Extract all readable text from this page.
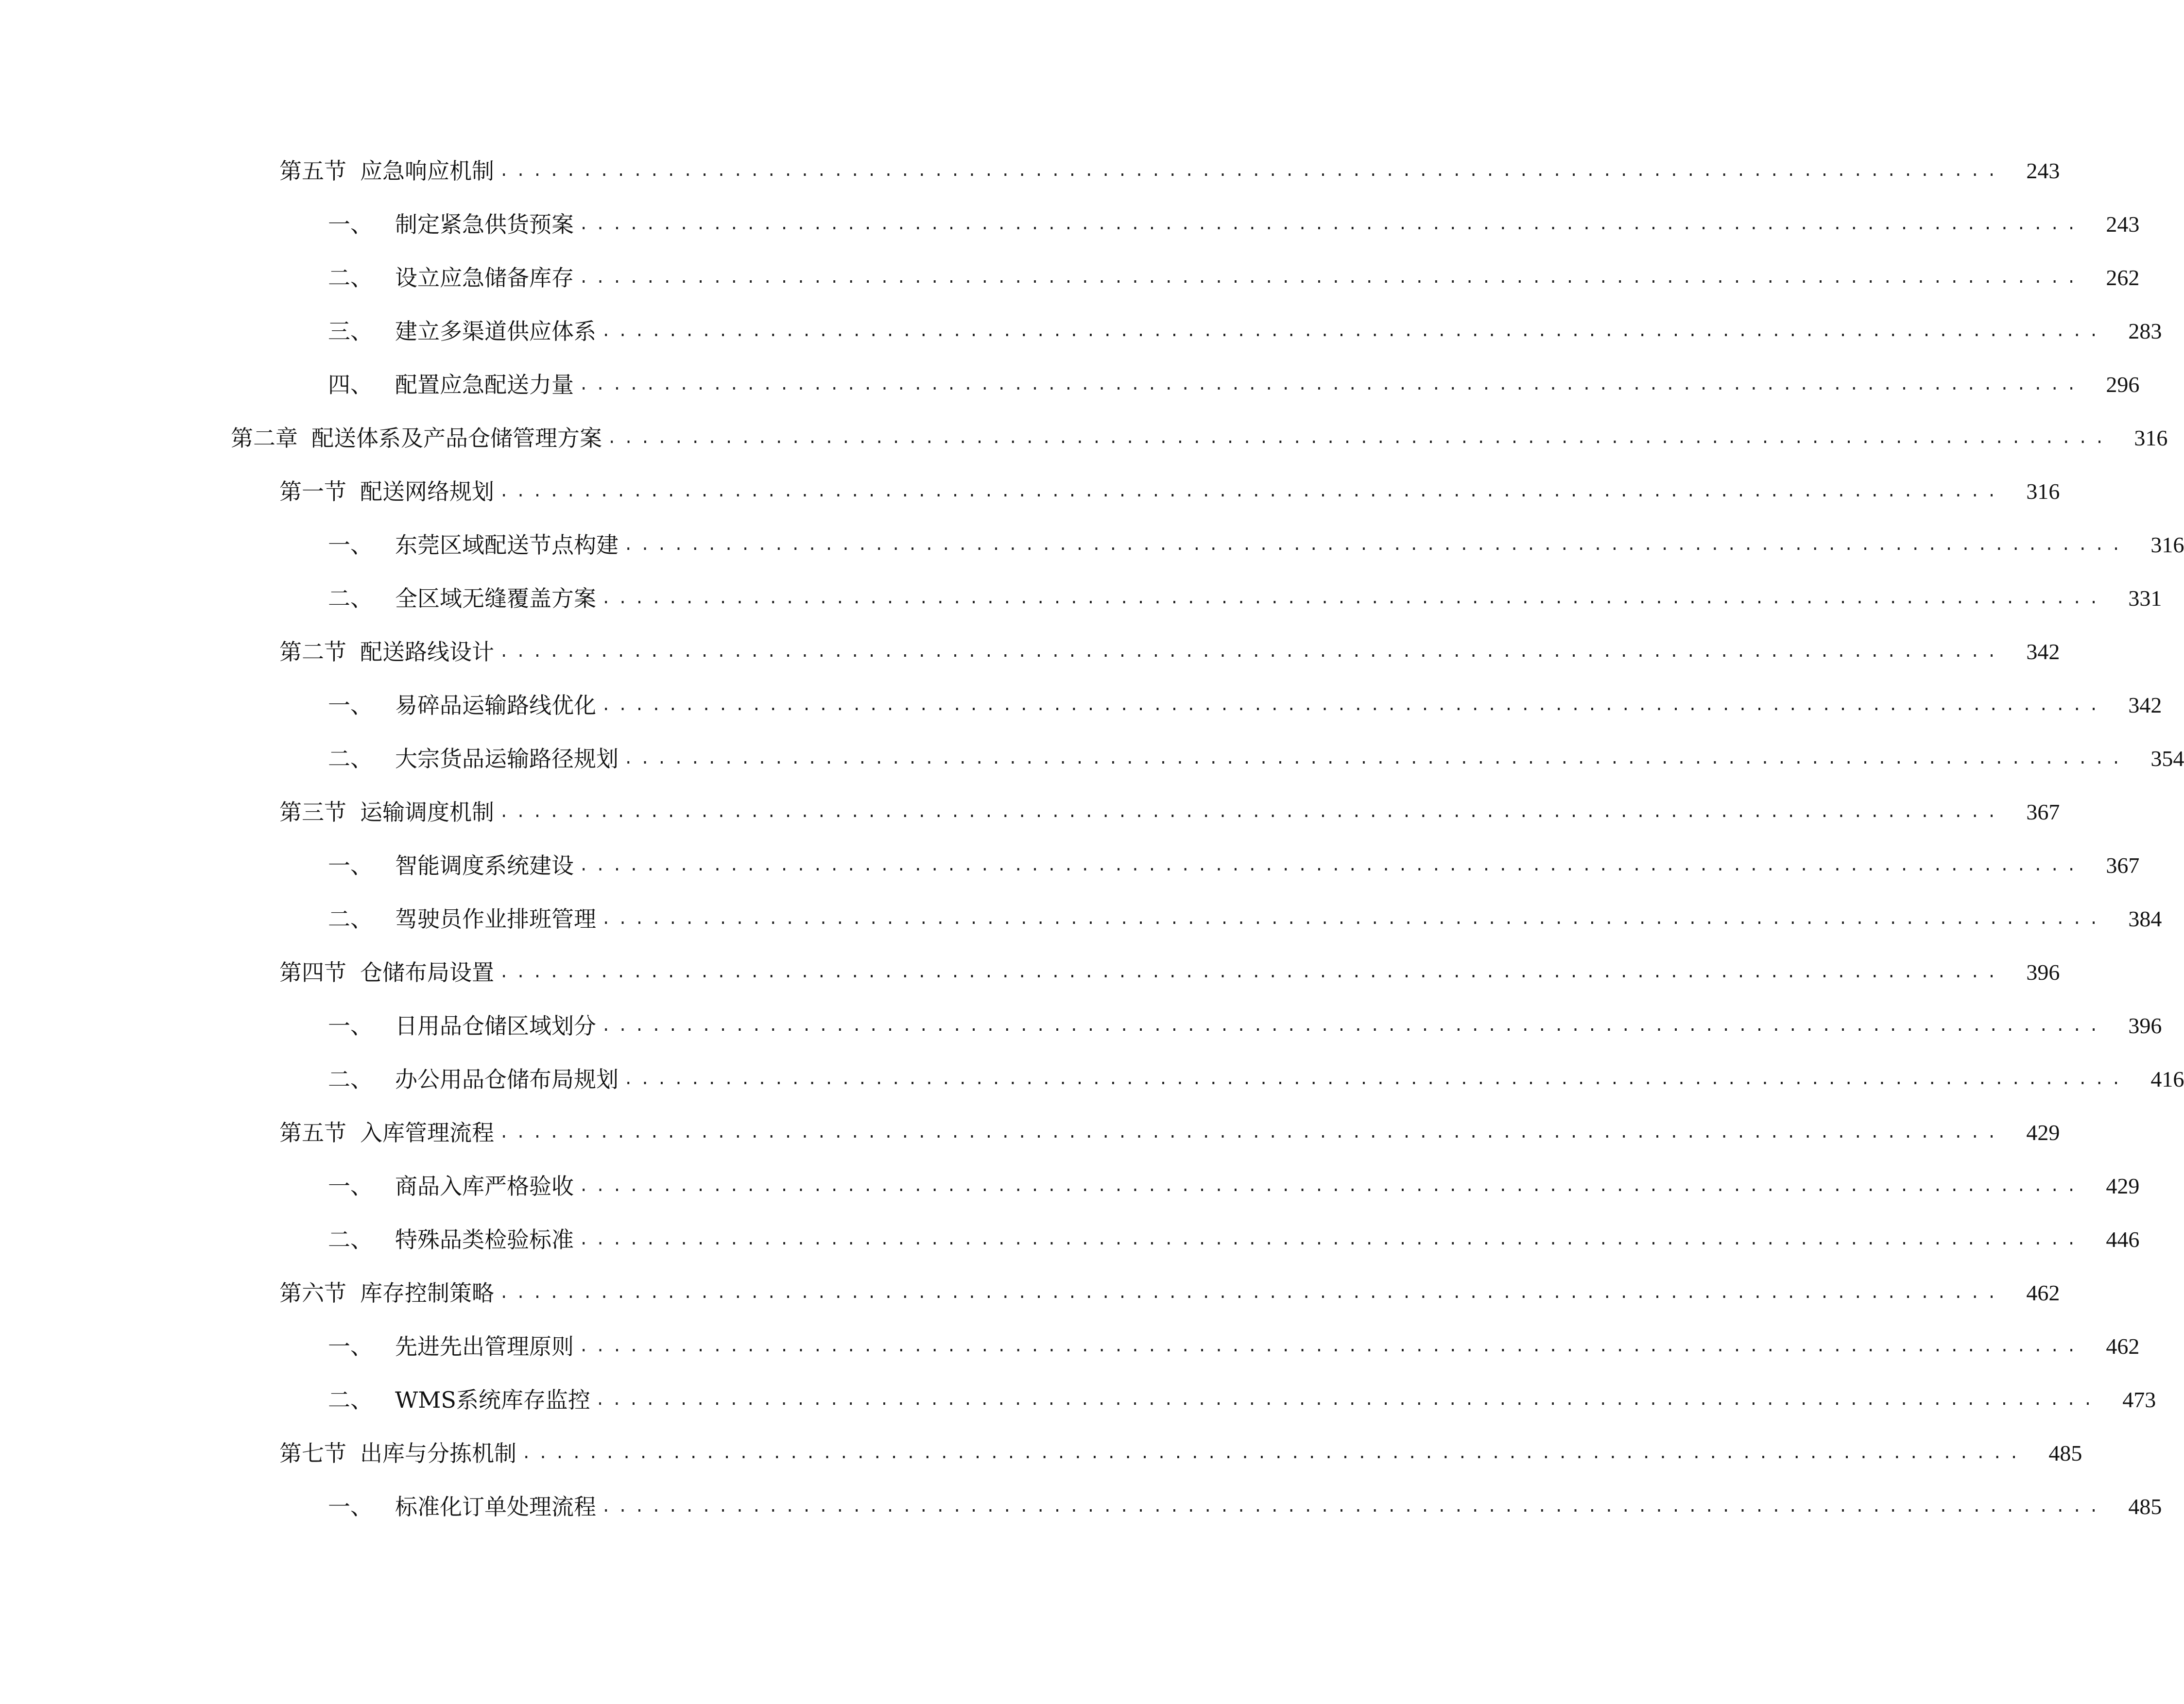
第五节 应急响应机制 ..........................................................................................	243
一、 制定紧急供货预案 ..........................................................................................	243
二、 设立应急储备库存 ..........................................................................................	262
三、 建立多渠道供应体系 ..........................................................................................	283
四、 配置应急配送力量 ..........................................................................................	296
第二章 配送体系及产品仓储管理方案 ..........................................................................................	316
第一节 配送网络规划 ..........................................................................................	316
一、 东莞区域配送节点构建 ..........................................................................................	316
二、 全区域无缝覆盖方案 ..........................................................................................	331
第二节 配送路线设计 ..........................................................................................	342
一、 易碎品运输路线优化 ..........................................................................................	342
二、 大宗货品运输路径规划 ..........................................................................................	354
第三节 运输调度机制 ..........................................................................................	367
一、 智能调度系统建设 ..........................................................................................	367
二、 驾驶员作业排班管理 ..........................................................................................	384
第四节 仓储布局设置 ..........................................................................................	396
一、 日用品仓储区域划分 ..........................................................................................	396
二、 办公用品仓储布局规划 ..........................................................................................	416
第五节 入库管理流程 ..........................................................................................	429
一、 商品入库严格验收 ..........................................................................................	429
二、 特殊品类检验标准 ..........................................................................................	446
第六节 库存控制策略 ..........................................................................................	462
一、 先进先出管理原则 ..........................................................................................	462
二、 WMS系统库存监控 ..........................................................................................	473
第七节 出库与分拣机制 ..........................................................................................	485
一、 标准化订单处理流程 ..........................................................................................	485
